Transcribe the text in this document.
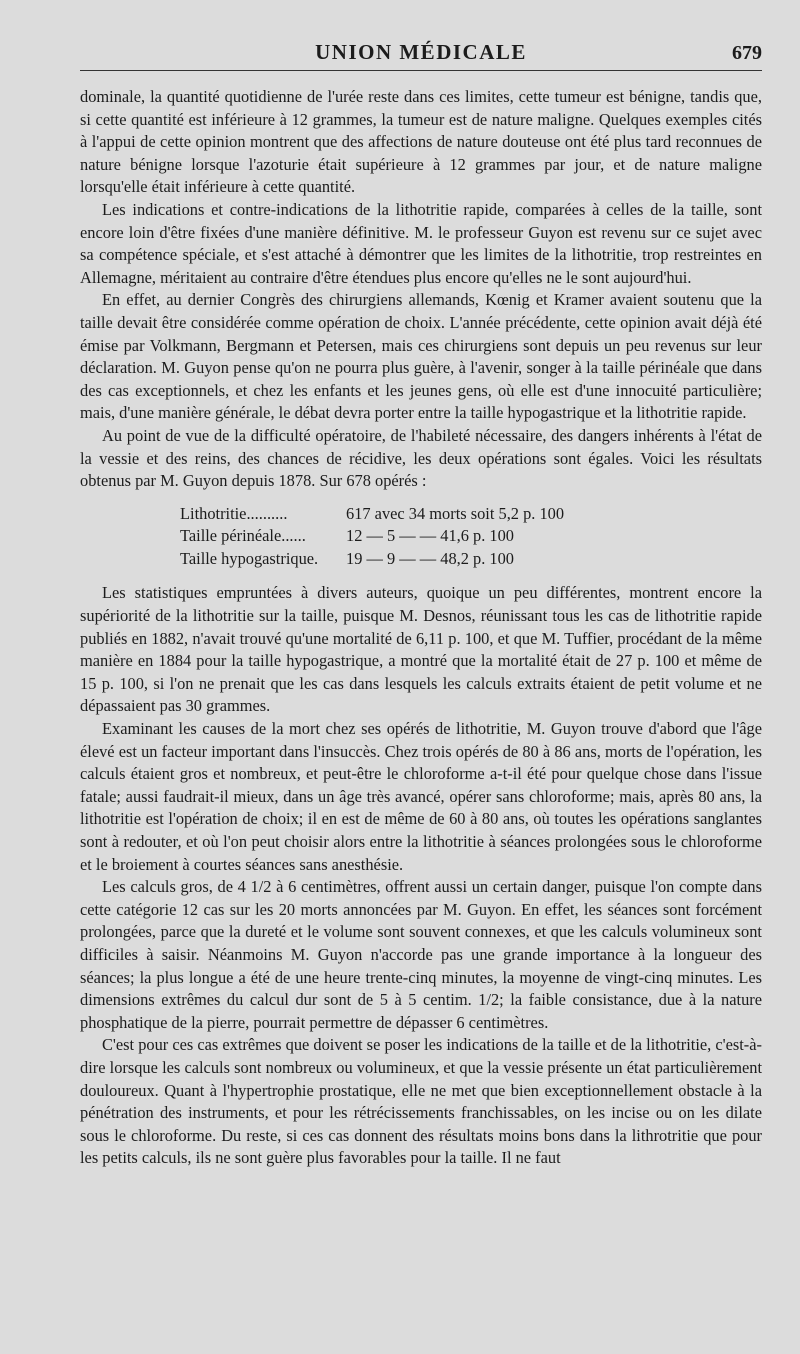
UNION MÉDICALE	679

dominale, la quantité quotidienne de l'urée reste dans ces limites, cette tumeur est bénigne, tandis que, si cette quantité est inférieure à 12 grammes, la tumeur est de nature maligne. Quelques exemples cités à l'appui de cette opinion montrent que des affections de nature douteuse ont été plus tard reconnues de nature bénigne lorsque l'azoturie était supérieure à 12 grammes par jour, et de nature maligne lorsqu'elle était inférieure à cette quantité.

Les indications et contre-indications de la lithotritie rapide, comparées à celles de la taille, sont encore loin d'être fixées d'une manière définitive. M. le professeur Guyon est revenu sur ce sujet avec sa compétence spéciale, et s'est attaché à démontrer que les limites de la lithotritie, trop restreintes en Allemagne, méritaient au contraire d'être étendues plus encore qu'elles ne le sont aujourd'hui.

En effet, au dernier Congrès des chirurgiens allemands, Kœnig et Kramer avaient soutenu que la taille devait être considérée comme opération de choix. L'année précédente, cette opinion avait déjà été émise par Volkmann, Bergmann et Petersen, mais ces chirurgiens sont depuis un peu revenus sur leur déclaration. M. Guyon pense qu'on ne pourra plus guère, à l'avenir, songer à la taille périnéale que dans des cas exceptionnels, et chez les enfants et les jeunes gens, où elle est d'une innocuité particulière; mais, d'une manière générale, le débat devra porter entre la taille hypogastrique et la lithotritie rapide.

Au point de vue de la difficulté opératoire, de l'habileté nécessaire, des dangers inhérents à l'état de la vessie et des reins, des chances de récidive, les deux opérations sont égales. Voici les résultats obtenus par M. Guyon depuis 1878. Sur 678 opérés :

Lithotritie..........	617 avec 34 morts soit 5,2 p. 100
Taille périnéale......	12 — 5 — — 41,6 p. 100
Taille hypogastrique.	19 — 9 — — 48,2 p. 100

Les statistiques empruntées à divers auteurs, quoique un peu différentes, montrent encore la supériorité de la lithotritie sur la taille, puisque M. Desnos, réunissant tous les cas de lithotritie rapide publiés en 1882, n'avait trouvé qu'une mortalité de 6,11 p. 100, et que M. Tuffier, procédant de la même manière en 1884 pour la taille hypogastrique, a montré que la mortalité était de 27 p. 100 et même de 15 p. 100, si l'on ne prenait que les cas dans lesquels les calculs extraits étaient de petit volume et ne dépassaient pas 30 grammes.

Examinant les causes de la mort chez ses opérés de lithotritie, M. Guyon trouve d'abord que l'âge élevé est un facteur important dans l'insuccès. Chez trois opérés de 80 à 86 ans, morts de l'opération, les calculs étaient gros et nombreux, et peut-être le chloroforme a-t-il été pour quelque chose dans l'issue fatale; aussi faudrait-il mieux, dans un âge très avancé, opérer sans chloroforme; mais, après 80 ans, la lithotritie est l'opération de choix; il en est de même de 60 à 80 ans, où toutes les opérations sanglantes sont à redouter, et où l'on peut choisir alors entre la lithotritie à séances prolongées sous le chloroforme et le broiement à courtes séances sans anesthésie.

Les calculs gros, de 4 1/2 à 6 centimètres, offrent aussi un certain danger, puisque l'on compte dans cette catégorie 12 cas sur les 20 morts annoncées par M. Guyon. En effet, les séances sont forcément prolongées, parce que la dureté et le volume sont souvent connexes, et que les calculs volumineux sont difficiles à saisir. Néanmoins M. Guyon n'accorde pas une grande importance à la longueur des séances; la plus longue a été de une heure trente-cinq minutes, la moyenne de vingt-cinq minutes. Les dimensions extrêmes du calcul dur sont de 5 à 5 centim. 1/2; la faible consistance, due à la nature phosphatique de la pierre, pourrait permettre de dépasser 6 centimètres.

C'est pour ces cas extrêmes que doivent se poser les indications de la taille et de la lithotritie, c'est-à-dire lorsque les calculs sont nombreux ou volumineux, et que la vessie présente un état particulièrement douloureux. Quant à l'hypertrophie prostatique, elle ne met que bien exceptionnellement obstacle à la pénétration des instruments, et pour les rétrécissements franchissables, on les incise ou on les dilate sous le chloroforme. Du reste, si ces cas donnent des résultats moins bons dans la lithrotritie que pour les petits calculs, ils ne sont guère plus favorables pour la taille. Il ne faut
